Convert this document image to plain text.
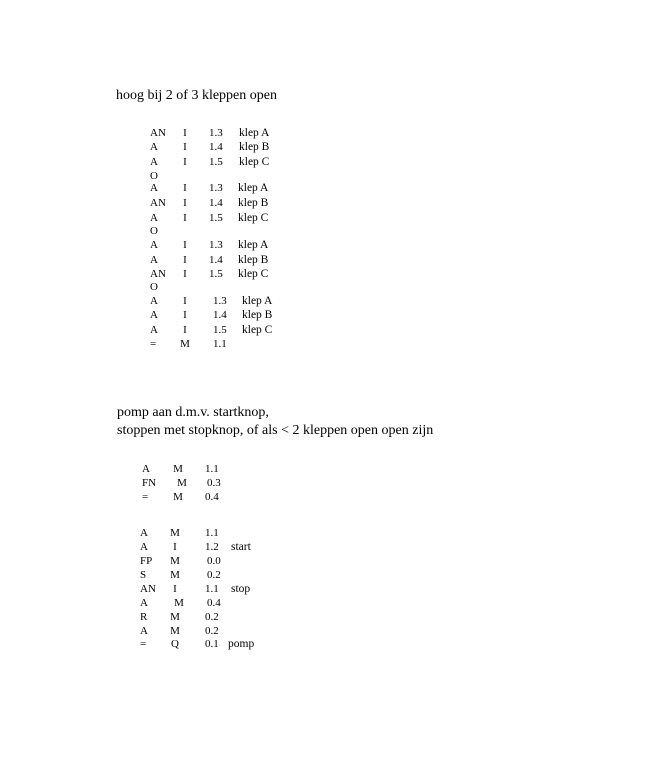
hoog bij 2 of 3 kleppen open
AN	I	1.3 klep A
A	I	1.4 klep B
A	I	1.5 klep C
O
A	I	1.3 klep A
AN	I	1.4 klep B
A	I	1.5 klep C
O
A	I	1.3 klep A
A	I	1.4 klep B
AN	I	1.5 klep C
O
A	I	1.3 klep A
A	I	1.4 klep B
A	I	1.5 klep C
= M 1.1
pomp aan d.m.v. startknop,
stoppen met stopknop, of als < 2 kleppen open open zijn
A M 1.1
FN M 0.3
= M 0.4
A M 1.1
A	I	1.2 start
FP M 0.0
S M 0.2
AN	I	1.1 stop
A M 0.4
R M 0.2
A M 0.2
= Q 0.1 pomp
